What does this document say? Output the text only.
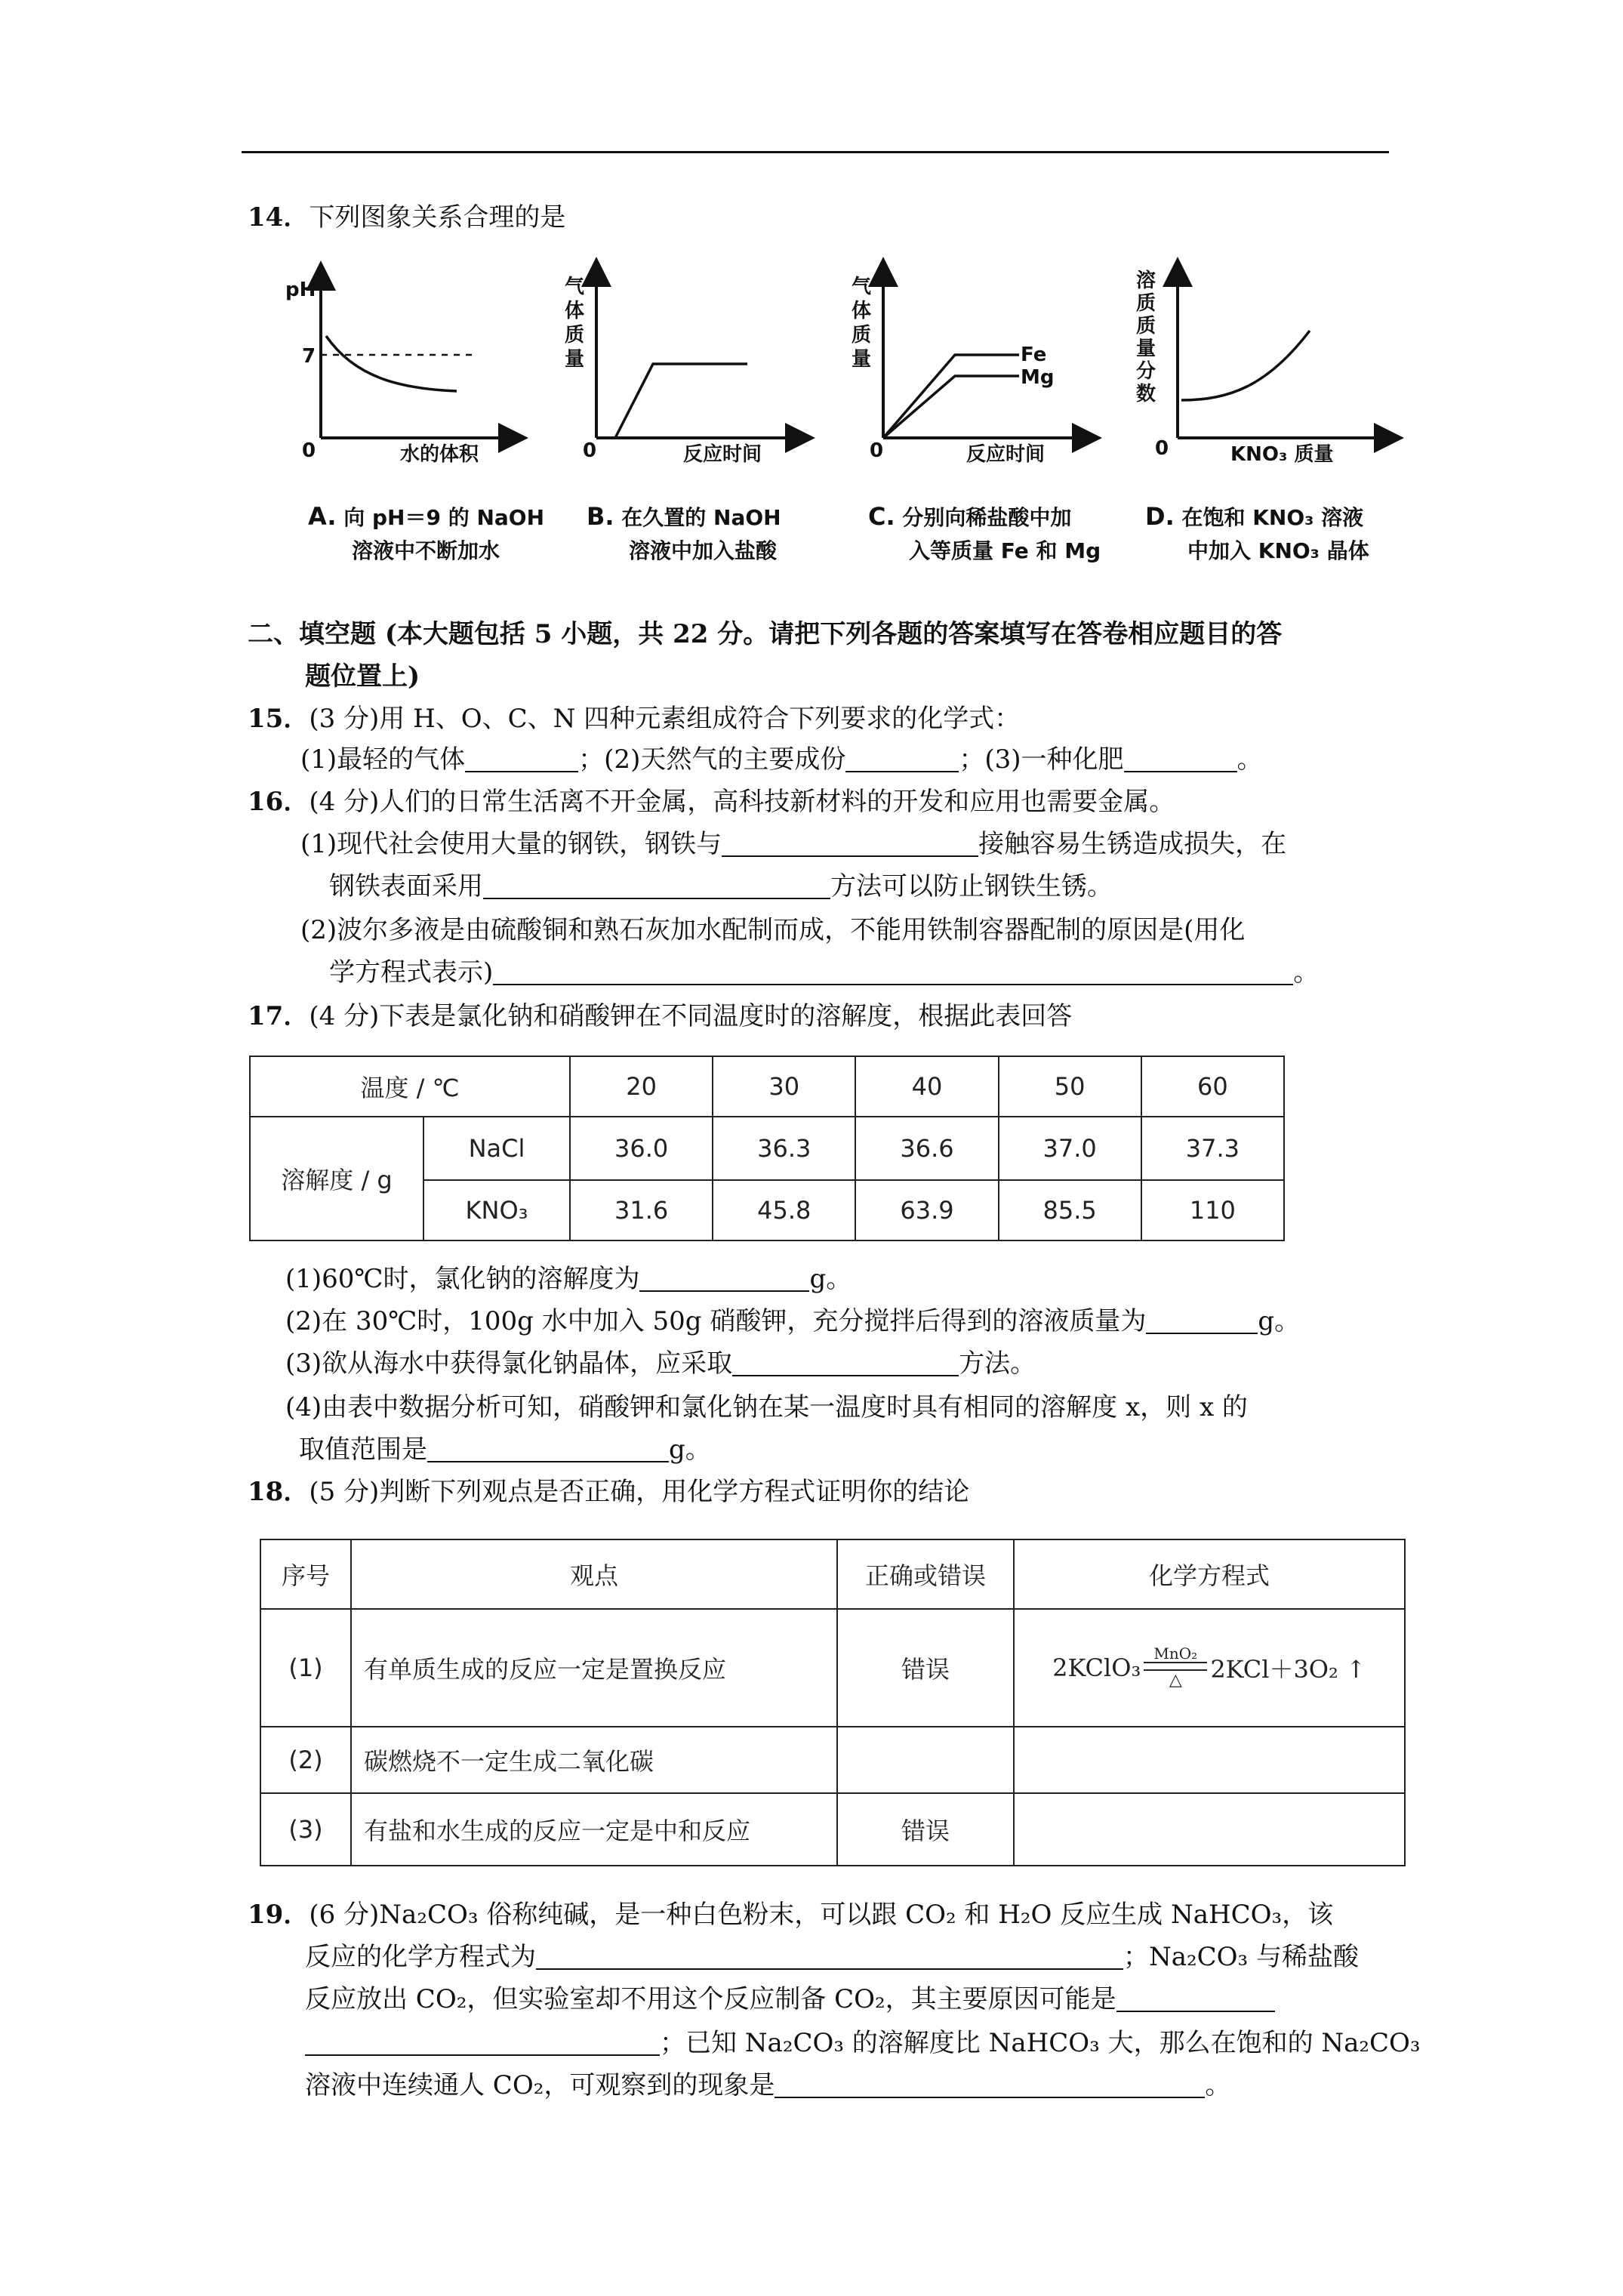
14．下列图象关系合理的是
pH
7
0	水的体积
气
体
质
量
0	反应时间
气
体
质
量	Fe
Mg
0	反应时间
溶
质
质
量
分
数
0	KNO₃ 质量
A. 向 pH＝9 的 NaOH
溶液中不断加水
B. 在久置的 NaOH
溶液中加入盐酸
C. 分别向稀盐酸中加
入等质量 Fe 和 Mg
D. 在饱和 KNO₃ 溶液
中加入 KNO₃ 晶体
二、填空题 (本大题包括 5 小题，共 22 分。请把下列各题的答案填写在答卷相应题目的答
题位置上)
15．(3 分)用 H、O、C、N 四种元素组成符合下列要求的化学式：
(1)最轻的气体	；(2)天然气的主要成份	；(3)一种化肥	。
16．(4 分)人们的日常生活离不开金属，高科技新材料的开发和应用也需要金属。
(1)现代社会使用大量的钢铁，钢铁与	接触容易生锈造成损失，在
钢铁表面采用	方法可以防止钢铁生锈。
(2)波尔多液是由硫酸铜和熟石灰加水配制而成，不能用铁制容器配制的原因是(用化
学方程式表示)	。
17．(4 分)下表是氯化钠和硝酸钾在不同温度时的溶解度，根据此表回答
温度 / ℃		20	30	40	50	60
溶解度 / g	NaCl	36.0	36.3	36.6	37.0	37.3
	KNO₃	31.6	45.8	63.9	85.5	110
(1)60℃时，氯化钠的溶解度为	g。
(2)在 30℃时，100g 水中加入 50g 硝酸钾，充分搅拌后得到的溶液质量为	g。
(3)欲从海水中获得氯化钠晶体，应采取	方法。
(4)由表中数据分析可知，硝酸钾和氯化钠在某一温度时具有相同的溶解度 x，则 x 的
取值范围是	g。
18．(5 分)判断下列观点是否正确，用化学方程式证明你的结论
序号	观点	正确或错误	化学方程式
(1)	有单质生成的反应一定是置换反应	错误	2KClO₃ MnO₂
△ 2KCl＋3O₂ ↑

(2)	碳燃烧不一定生成二氧化碳		
(3)	有盐和水生成的反应一定是中和反应	错误	
19．(6 分)Na₂CO₃ 俗称纯碱，是一种白色粉末，可以跟 CO₂ 和 H₂O 反应生成 NaHCO₃，该
反应的化学方程式为	；Na₂CO₃ 与稀盐酸
反应放出 CO₂，但实验室却不用这个反应制备 CO₂，其主要原因可能是
；已知 Na₂CO₃ 的溶解度比 NaHCO₃ 大，那么在饱和的 Na₂CO₃
溶液中连续通人 CO₂，可观察到的现象是	。
